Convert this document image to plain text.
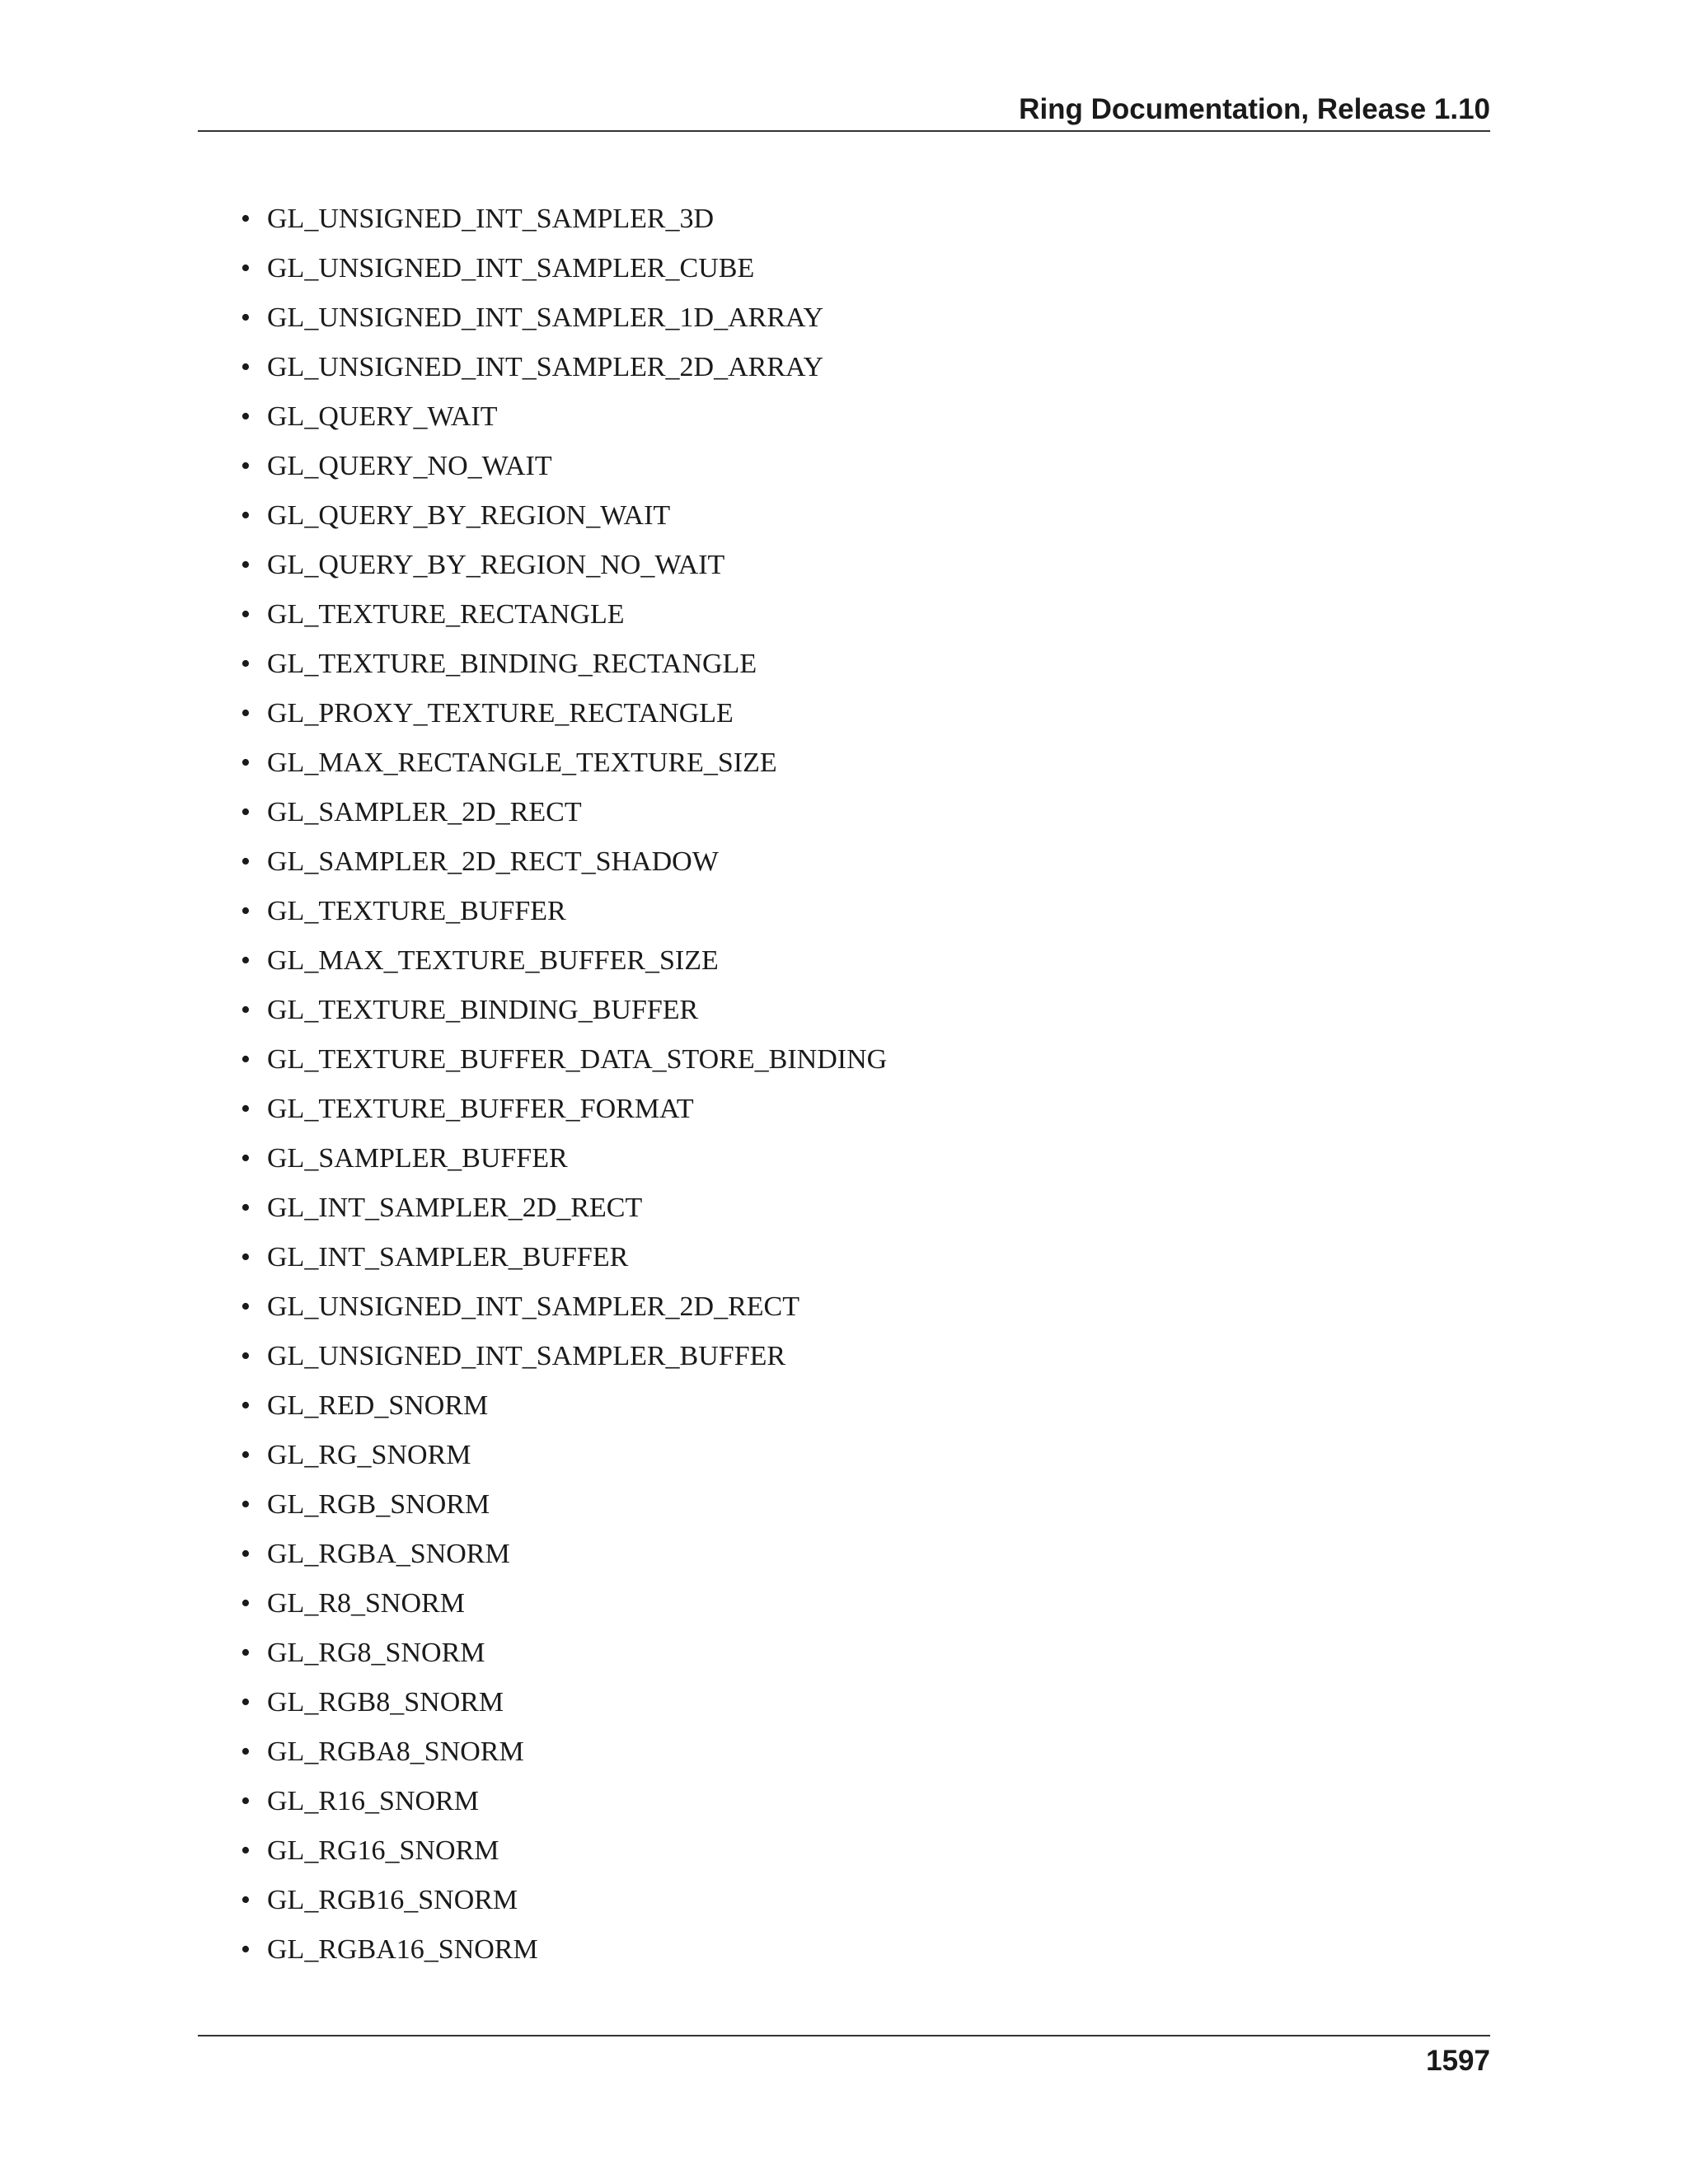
Ring Documentation, Release 1.10
• GL_UNSIGNED_INT_SAMPLER_3D
• GL_UNSIGNED_INT_SAMPLER_CUBE
• GL_UNSIGNED_INT_SAMPLER_1D_ARRAY
• GL_UNSIGNED_INT_SAMPLER_2D_ARRAY
• GL_QUERY_WAIT
• GL_QUERY_NO_WAIT
• GL_QUERY_BY_REGION_WAIT
• GL_QUERY_BY_REGION_NO_WAIT
• GL_TEXTURE_RECTANGLE
• GL_TEXTURE_BINDING_RECTANGLE
• GL_PROXY_TEXTURE_RECTANGLE
• GL_MAX_RECTANGLE_TEXTURE_SIZE
• GL_SAMPLER_2D_RECT
• GL_SAMPLER_2D_RECT_SHADOW
• GL_TEXTURE_BUFFER
• GL_MAX_TEXTURE_BUFFER_SIZE
• GL_TEXTURE_BINDING_BUFFER
• GL_TEXTURE_BUFFER_DATA_STORE_BINDING
• GL_TEXTURE_BUFFER_FORMAT
• GL_SAMPLER_BUFFER
• GL_INT_SAMPLER_2D_RECT
• GL_INT_SAMPLER_BUFFER
• GL_UNSIGNED_INT_SAMPLER_2D_RECT
• GL_UNSIGNED_INT_SAMPLER_BUFFER
• GL_RED_SNORM
• GL_RG_SNORM
• GL_RGB_SNORM
• GL_RGBA_SNORM
• GL_R8_SNORM
• GL_RG8_SNORM
• GL_RGB8_SNORM
• GL_RGBA8_SNORM
• GL_R16_SNORM
• GL_RG16_SNORM
• GL_RGB16_SNORM
• GL_RGBA16_SNORM
1597
